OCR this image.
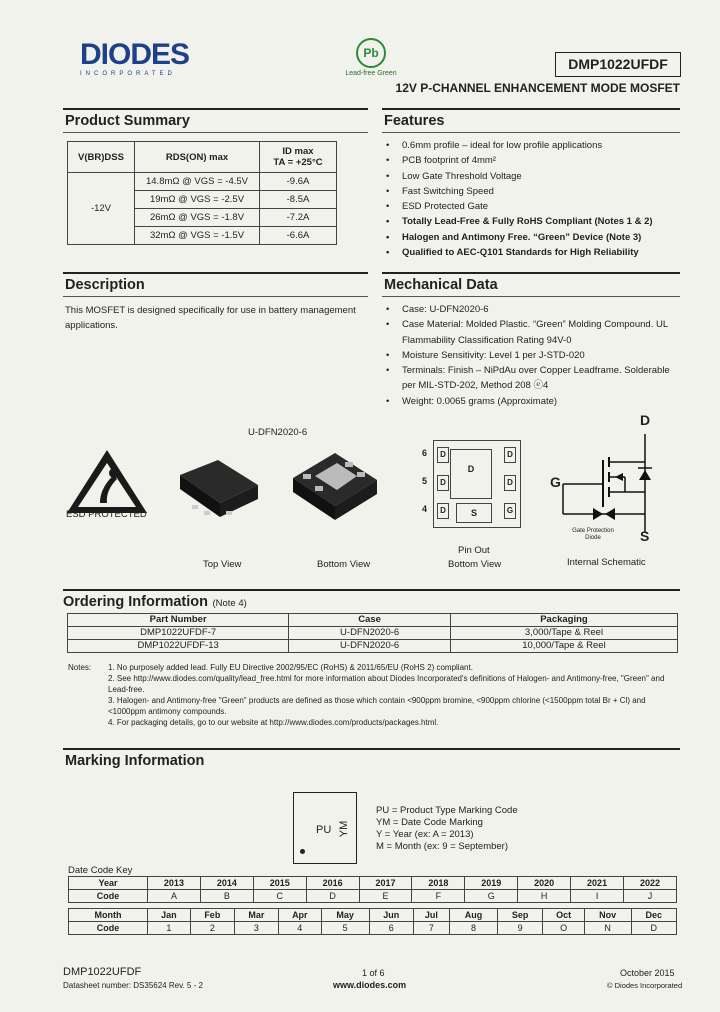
DIODES
INCORPORATED
Pb
Lead-free Green
DMP1022UFDF
12V P-CHANNEL ENHANCEMENT MODE MOSFET
Product Summary
V(BR)DSS	RDS(ON) max	ID max
TA = +25°C

-12V	14.8mΩ @ VGS = -4.5V	-9.6A
	19mΩ @ VGS = -2.5V	-8.5A
	26mΩ @ VGS = -1.8V	-7.2A
	32mΩ @ VGS = -1.5V	-6.6A
Features
• 0.6mm profile – ideal for low profile applications
• PCB footprint of 4mm²
• Low Gate Threshold Voltage
• Fast Switching Speed
• ESD Protected Gate
• Totally Lead-Free & Fully RoHS Compliant (Notes 1 & 2)
• Halogen and Antimony Free. “Green” Device (Note 3)
• Qualified to AEC-Q101 Standards for High Reliability
Description
This MOSFET is designed specifically for use in battery management applications.
Mechanical Data
• Case: U-DFN2020-6
• Case Material: Molded Plastic. “Green” Molding Compound. UL Flammability Classification Rating 94V-0
• Moisture Sensitivity: Level 1 per J-STD-020
• Terminals: Finish – NiPdAu over Copper Leadframe. Solderable per MIL-STD-202, Method 208 ⓔ4
• Weight: 0.0065 grams (Approximate)
U-DFN2020-6
ESD PROTECTED
Top View	Bottom View
D
S
D
D
G
D
D
D
6
5
4
Pin Out
Bottom View
D
G
S
Gate Protection Diode
Internal Schematic
Ordering Information (Note 4)
Part Number	Case	Packaging
DMP1022UFDF-7	U-DFN2020-6	3,000/Tape & Reel
DMP1022UFDF-13	U-DFN2020-6	10,000/Tape & Reel
Notes: 1. No purposely added lead. Fully EU Directive 2002/95/EC (RoHS) & 2011/65/EU (RoHS 2) compliant.
2. See http://www.diodes.com/quality/lead_free.html for more information about Diodes Incorporated's definitions of Halogen- and Antimony-free, "Green" and Lead-free.
3. Halogen- and Antimony-free "Green" products are defined as those which contain <900ppm bromine, <900ppm chlorine (<1500ppm total Br + Cl) and <1000ppm antimony compounds.
4. For packaging details, go to our website at http://www.diodes.com/products/packages.html.
Marking Information
PU YM
PU = Product Type Marking Code
YM = Date Code Marking
Y = Year (ex: A = 2013)
M = Month (ex: 9 = September)
Date Code Key
Year	2013	2014	2015	2016	2017	2018	2019	2020	2021	2022
Code	A	B	C	D	E	F	G	H	I	J
Month	Jan	Feb	Mar	Apr	May	Jun	Jul	Aug	Sep	Oct	Nov	Dec
Code	1	2	3	4	5	6	7	8	9	O	N	D
DMP1022UFDF
Datasheet number: DS35624 Rev. 5 - 2
1 of 6
www.diodes.com
October 2015
© Diodes Incorporated
